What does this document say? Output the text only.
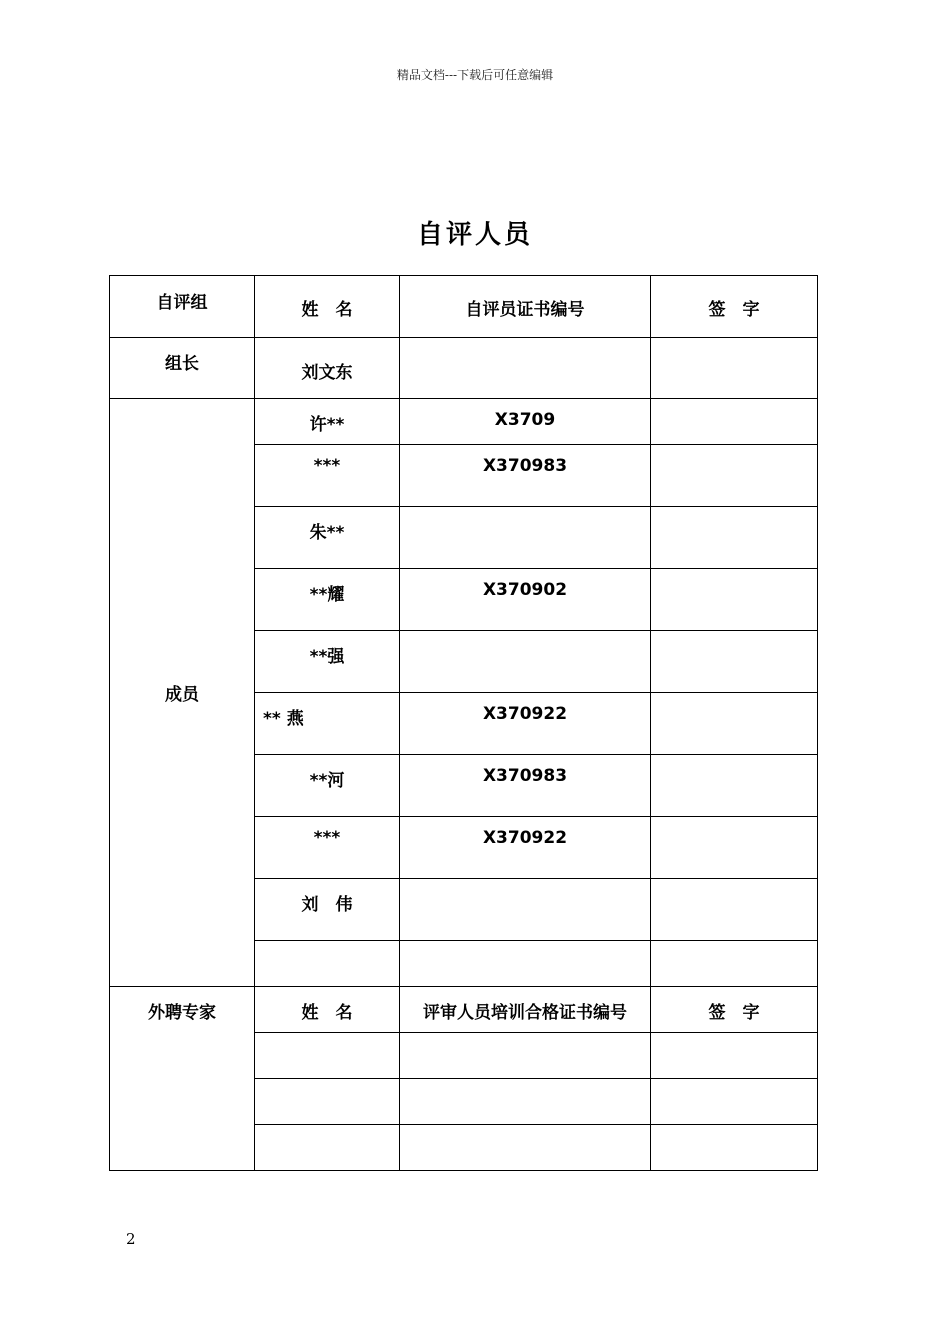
精品文档---下载后可任意编辑
自评人员
自评组	姓　名	自评员证书编号	签　字

组长	刘文东		

成员	许**	X3709	

	***	X370983	

	朱**		

	**耀	X370902	

	**强		

	** 燕	X370922	

	**河	X370983	

	***	X370922	

	刘　伟		

外聘专家	姓　名	评审人员培训合格证书编号	签　字

2
